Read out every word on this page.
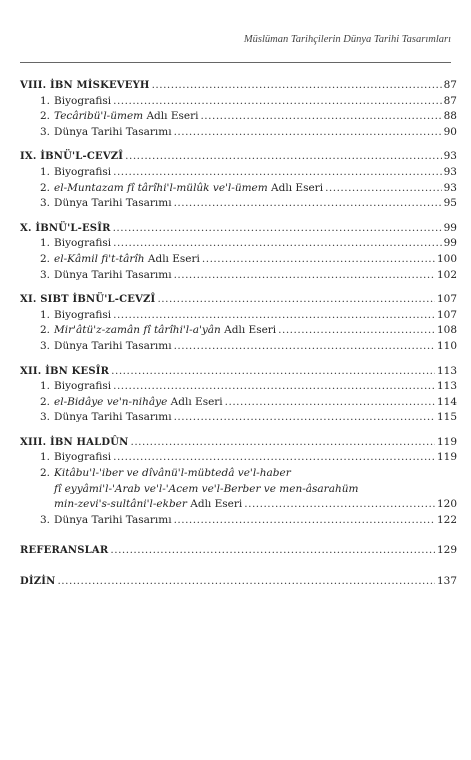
Müslüman Tarihçilerin Dünya Tarihi Tasarımları
VIII. İBN MİSKEVEYH .....	87
1. Biyografisi .....	87
2. Tecâribü'l-ümem Adlı Eseri .....	88
3. Dünya Tarihi Tasarımı .....	90
IX. İBNÜ'L-CEVZÎ .....	93
1. Biyografisi .....	93
2. el-Muntazam fî târîhi'l-mülûk ve'l-ümem Adlı Eseri .....	93
3. Dünya Tarihi Tasarımı .....	95
X. İBNÜ'L-ESÎR .....	99
1. Biyografisi .....	99
2. el-Kâmil fi't-târîh Adlı Eseri .....	100
3. Dünya Tarihi Tasarımı .....	102
XI. SIBT İBNÜ'L-CEVZÎ .....	107
1. Biyografisi .....	107
2. Mir'âtü'z-zamân fî târîhi'l-a'yân Adlı Eseri .....	108
3. Dünya Tarihi Tasarımı .....	110
XII. İBN KESÎR .....	113
1. Biyografisi .....	113
2. el-Bidâye ve'n-nihâye Adlı Eseri .....	114
3. Dünya Tarihi Tasarımı .....	115
XIII. İBN HALDÛN .....	119
1. Biyografisi .....	119
2. Kitâbu'l-'iber ve dîvânü'l-mübtedâ ve'l-haber
fî eyyâmi'l-'Arab ve'l-'Acem ve'l-Berber ve men-âsarahüm
min-zevi's-sultâni'l-ekber Adlı Eseri .....	120
3. Dünya Tarihi Tasarımı .....	122
REFERANSLAR .....	129
DİZİN .....	137
